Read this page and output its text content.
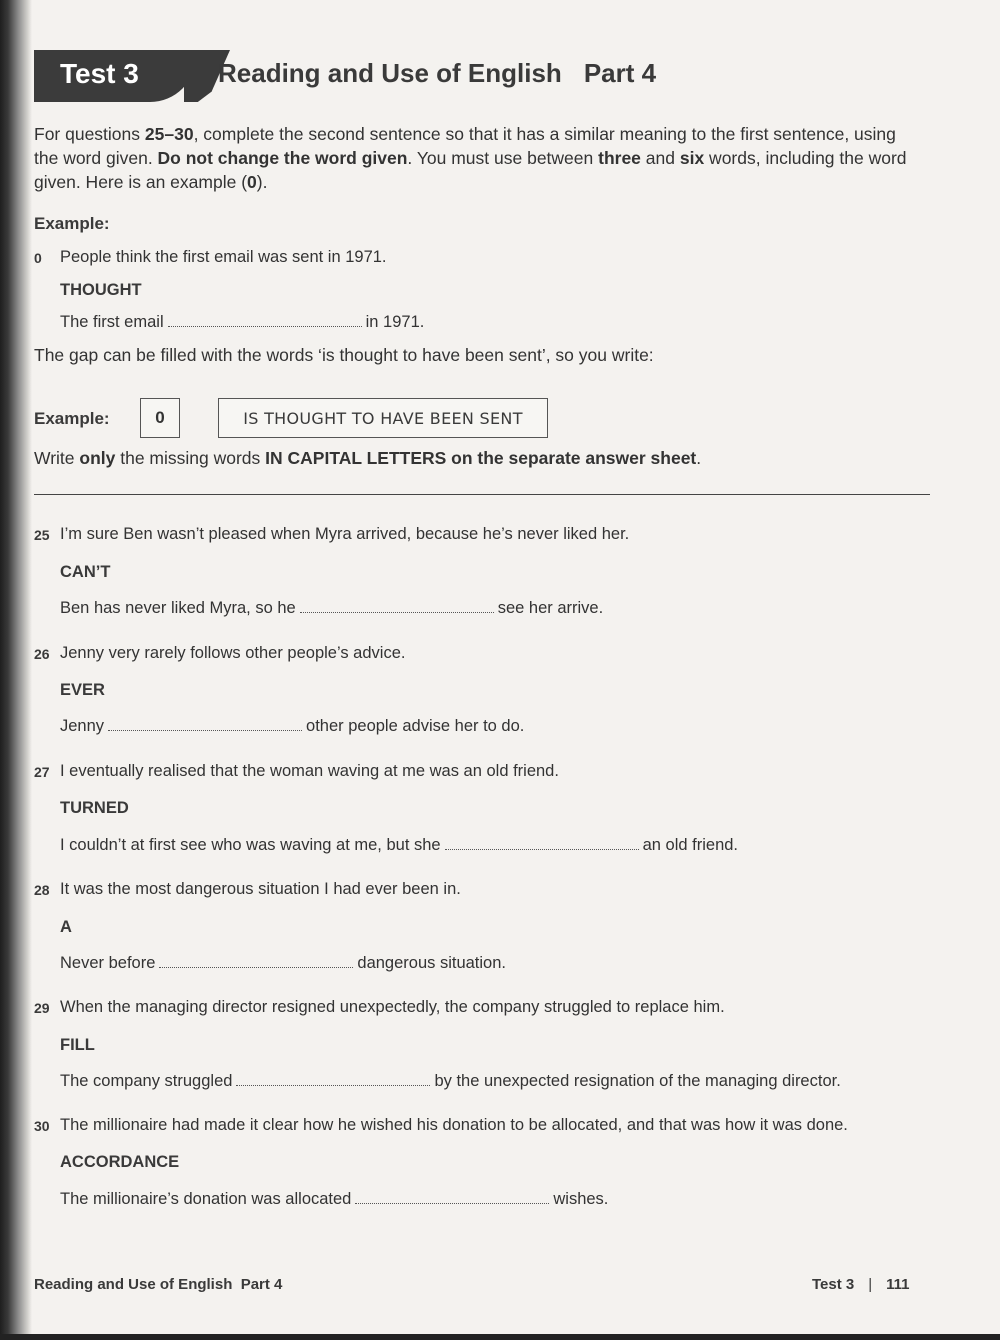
Test 3	Reading and Use of English Part 4
For questions 25–30, complete the second sentence so that it has a similar meaning to the first sentence, using the word given. Do not change the word given. You must use between three and six words, including the word given. Here is an example (0).
Example:
0 People think the first email was sent in 1971.
THOUGHT
The first email	in 1971.
The gap can be filled with the words ‘is thought to have been sent’, so you write:
Example:	0	IS THOUGHT TO HAVE BEEN SENT
Write only the missing words IN CAPITAL LETTERS on the separate answer sheet.
25 I’m sure Ben wasn’t pleased when Myra arrived, because he’s never liked her.
CAN’T
Ben has never liked Myra, so he	see her arrive.
26 Jenny very rarely follows other people’s advice.
EVER
Jenny	other people advise her to do.
27 I eventually realised that the woman waving at me was an old friend.
TURNED
I couldn’t at first see who was waving at me, but she	an old friend.
28 It was the most dangerous situation I had ever been in.
A
Never before	dangerous situation.
29 When the managing director resigned unexpectedly, the company struggled to replace him.
FILL
The company struggled	by the unexpected resignation of the managing director.
30 The millionaire had made it clear how he wished his donation to be allocated, and that was how it was done.
ACCORDANCE
The millionaire’s donation was allocated	wishes.
Reading and Use of English  Part 4	Test 3 | 111
